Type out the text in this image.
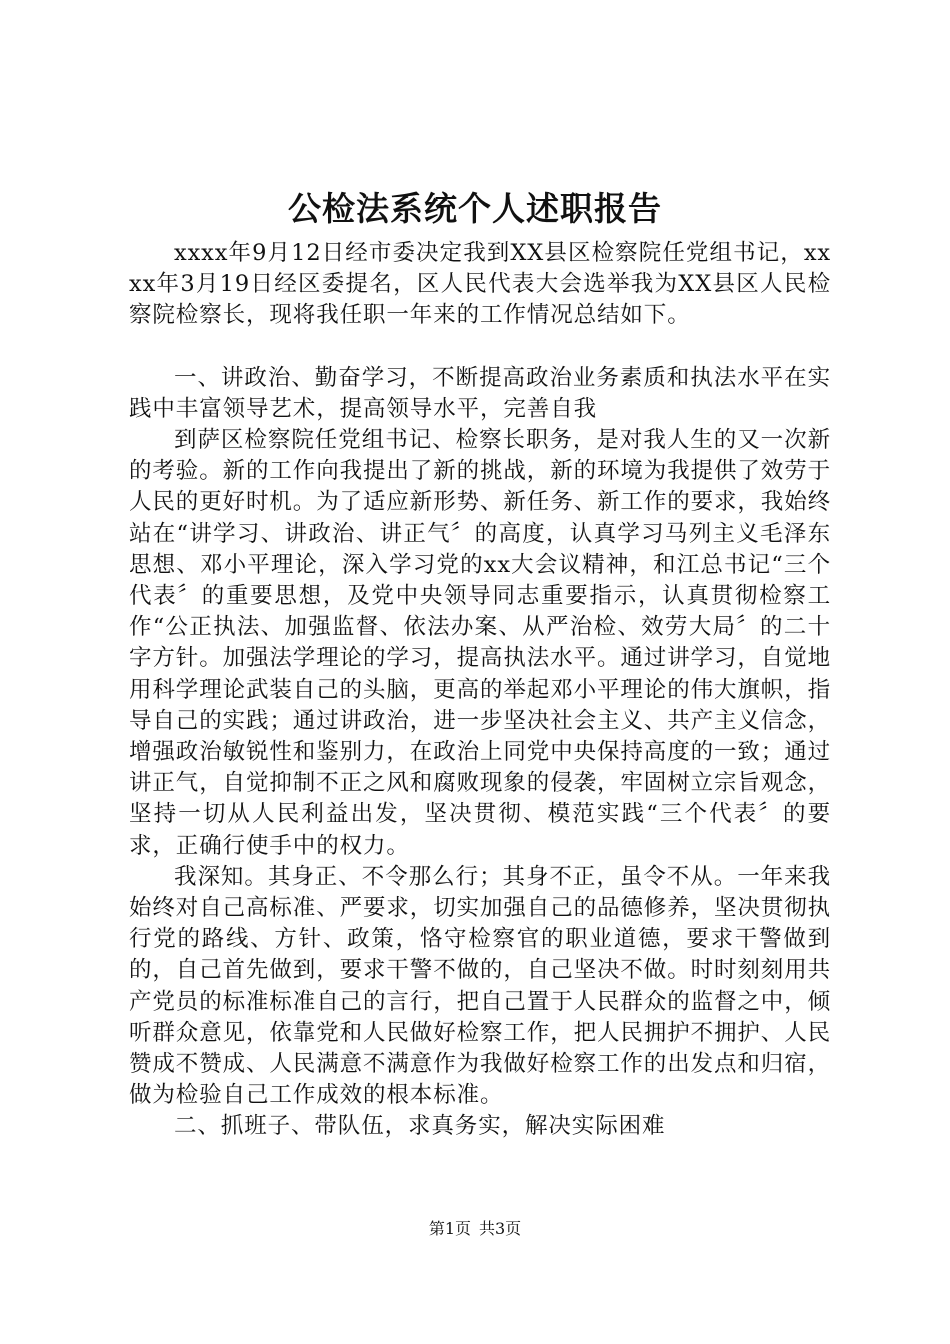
公检法系统个人述职报告

xxxx年9月12日经市委决定我到XX县区检察院任党组书记，xxxx年3月19日经区委提名，区人民代表大会选举我为XX县区人民检察院检察长，现将我任职一年来的工作情况总结如下。

一、讲政治、勤奋学习，不断提高政治业务素质和执法水平在实践中丰富领导艺术，提高领导水平，完善自我

到萨区检察院任党组书记、检察长职务，是对我人生的又一次新的考验。新的工作向我提出了新的挑战，新的环境为我提供了效劳于人民的更好时机。为了适应新形势、新任务、新工作的要求，我始终站在“讲学习、讲政治、讲正气〞的高度，认真学习马列主义毛泽东思想、邓小平理论，深入学习党的xx大会议精神，和江总书记“三个代表〞的重要思想，及党中央领导同志重要指示，认真贯彻检察工作“公正执法、加强监督、依法办案、从严治检、效劳大局〞的二十字方针。加强法学理论的学习，提高执法水平。通过讲学习，自觉地用科学理论武装自己的头脑，更高的举起邓小平理论的伟大旗帜，指导自己的实践；通过讲政治，进一步坚决社会主义、共产主义信念，增强政治敏锐性和鉴别力，在政治上同党中央保持高度的一致；通过讲正气，自觉抑制不正之风和腐败现象的侵袭，牢固树立宗旨观念，坚持一切从人民利益出发，坚决贯彻、模范实践“三个代表〞的要求，正确行使手中的权力。

我深知。其身正、不令那么行；其身不正，虽令不从。一年来我始终对自己高标准、严要求，切实加强自己的品德修养，坚决贯彻执行党的路线、方针、政策，恪守检察官的职业道德，要求干警做到的，自己首先做到，要求干警不做的，自己坚决不做。时时刻刻用共产党员的标准标准自己的言行，把自己置于人民群众的监督之中，倾听群众意见，依靠党和人民做好检察工作，把人民拥护不拥护、人民赞成不赞成、人民满意不满意作为我做好检察工作的出发点和归宿，做为检验自己工作成效的根本标准。

二、抓班子、带队伍，求真务实，解决实际困难

第1页 共3页
